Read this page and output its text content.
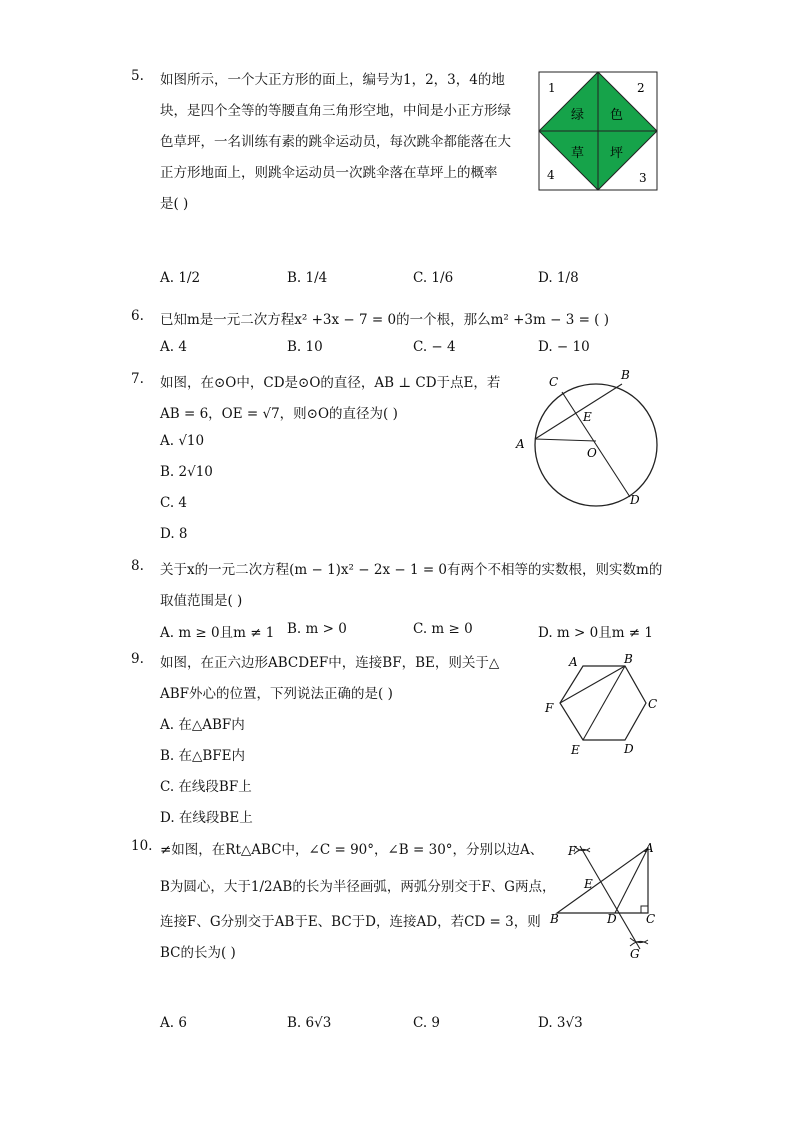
5. 如图所示，一个大正方形的面上，编号为1，2，3，4的地
块，是四个全等的等腰直角三角形空地，中间是小正方形绿
色草坪，一名训练有素的跳伞运动员，每次跳伞都能落在大
正方形地面上，则跳伞运动员一次跳伞落在草坪上的概率
是( )
1	2
3
4
绿 色
草 坪
A. 1/2	B. 1/4	C. 1/6	D. 1/8
6. 已知m是一元二次方程x² +3x − 7 = 0的一个根，那么m² +3m − 3 = ( )
A. 4	B. 10	C. − 4	D. − 10
7. 如图，在⊙O中，CD是⊙O的直径，AB ⊥ CD于点E，若
AB = 6，OE = √7，则⊙O的直径为( )
A. √10
B. 2√10
C. 4
D. 8
C	B
E
A
O
D
8. 关于x的一元二次方程(m − 1)x² − 2x − 1 = 0有两个不相等的实数根，则实数m的
取值范围是( )
A. m ≥ 0且m ≠ 1 B. m > 0	C. m ≥ 0	D. m > 0且m ≠ 1
9. 如图，在正六边形ABCDEF中，连接BF，BE，则关于△
ABF外心的位置，下列说法正确的是( )
A. 在△ABF内
B. 在△BFE内
C. 在线段BF上
D. 在线段BE上
A	B
C
D
E
F
10. ≠如图，在Rt△ABC中，∠C = 90°，∠B = 30°，分别以边A、
B为圆心，大于1/2AB的长为半径画弧，两弧分别交于F、G两点，
连接F、G分别交于AB于E、BC于D，连接AD，若CD = 3，则
BC的长为( )
F	A
E
B	D C
G
A. 6	B. 6√3	C. 9	D. 3√3
